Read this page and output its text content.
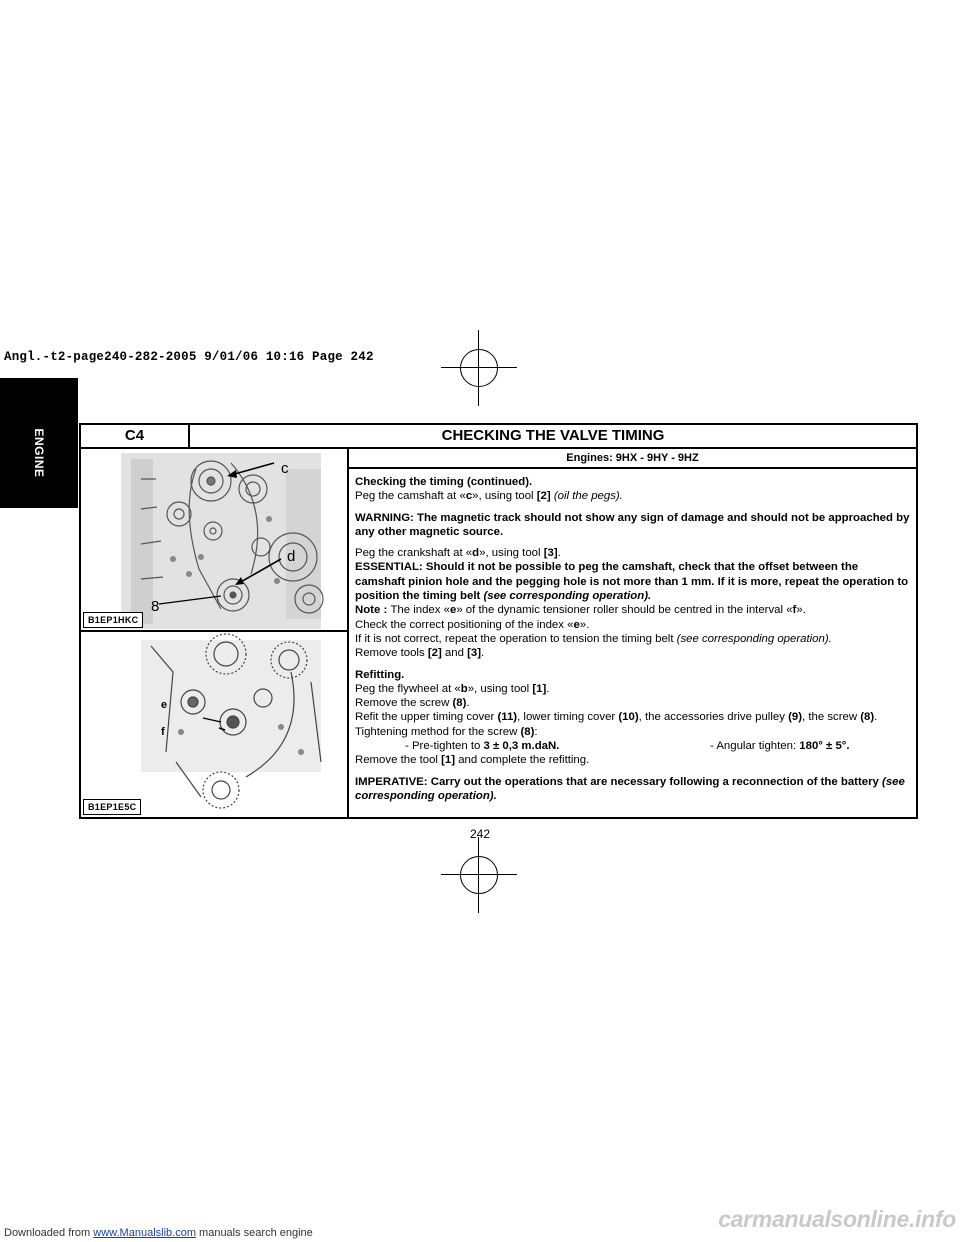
Angl.-t2-page240-282-2005 9/01/06 10:16 Page 242
ENGINE	C4	CHECKING THE VALVE TIMING
c
d
8
B1EP1HKC
e
f
B1EP1E5C
Engines: 9HX - 9HY - 9HZ

Checking the timing (continued).
Peg the camshaft at «c», using tool [2] (oil the pegs).

WARNING: The magnetic track should not show any sign of damage and should not be approached by any other magnetic source.

Peg the crankshaft at «d», using tool [3].
ESSENTIAL: Should it not be possible to peg the camshaft, check that the offset between the camshaft pinion hole and the pegging hole is not more than 1 mm. If it is more, repeat the operation to position the timing belt (see corresponding operation).
Note : The index «e» of the dynamic tensioner roller should be centred in the interval «f».
Check the correct positioning of the index «e».
If it is not correct, repeat the operation to tension the timing belt (see corresponding operation).
Remove tools [2] and [3].

Refitting.
Peg the flywheel at «b», using tool [1].
Remove the screw (8).
Refit the upper timing cover (11), lower timing cover (10), the accessories drive pulley (9), the screw (8).
Tightening method for the screw (8):

- Pre-tighten to 3 ± 0,3 m.daN.	- Angular tighten: 180° ± 5°.
Remove the tool [1] and complete the refitting.

IMPERATIVE: Carry out the operations that are necessary following a reconnection of the battery (see corresponding operation).

242
Downloaded from www.Manualslib.com manuals search engine
carmanualsonline.info
